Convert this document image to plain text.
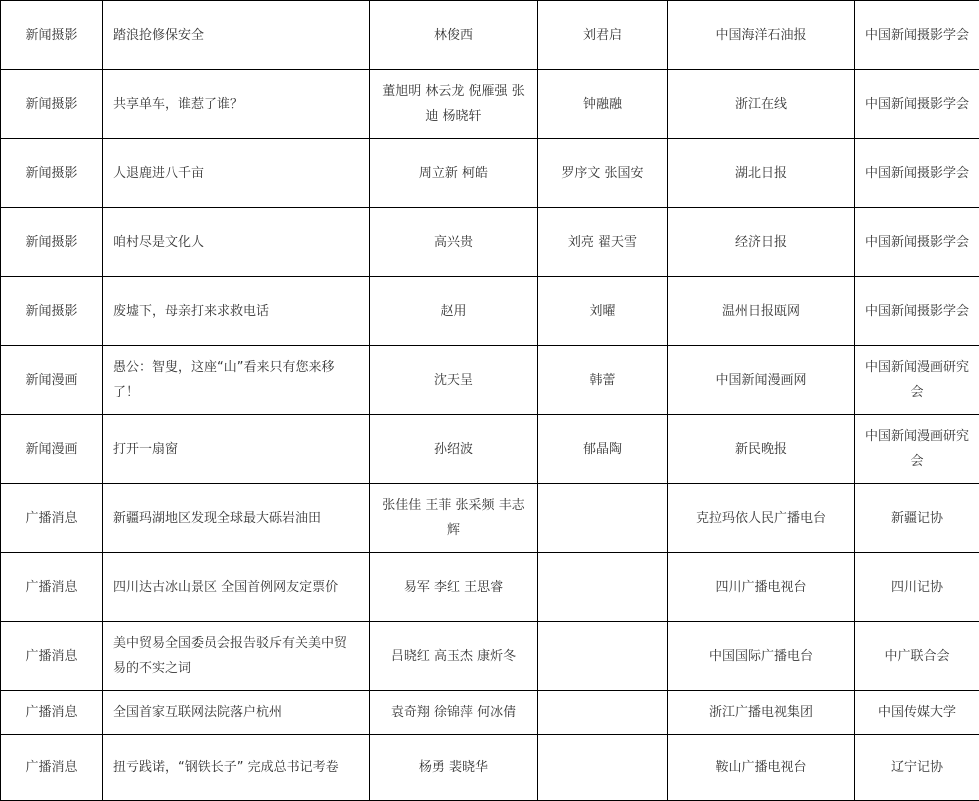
新闻摄影	踏浪抢修保安全	林俊西	刘君启	中国海洋石油报	中国新闻摄影学会
新闻摄影	共享单车，谁惹了谁？	董旭明 林云龙 倪雁强 张迪 杨晓轩	钟融融	浙江在线	中国新闻摄影学会
新闻摄影	人退鹿进八千亩	周立新 柯皓	罗序文 张国安	湖北日报	中国新闻摄影学会
新闻摄影	咱村尽是文化人	高兴贵	刘亮 翟天雪	经济日报	中国新闻摄影学会
新闻摄影	废墟下，母亲打来求救电话	赵用	刘曜	温州日报瓯网	中国新闻摄影学会
新闻漫画	愚公：智叟，这座“山”看来只有您来移了！	沈天呈	韩蕾	中国新闻漫画网	中国新闻漫画研究会
新闻漫画	打开一扇窗	孙绍波	郁晶陶	新民晚报	中国新闻漫画研究会
广播消息	新疆玛湖地区发现全球最大砾岩油田	张佳佳 王菲 张采频 丰志辉		克拉玛依人民广播电台	新疆记协
广播消息	四川达古冰山景区 全国首例网友定票价	易军 李红 王思睿		四川广播电视台	四川记协
广播消息	美中贸易全国委员会报告驳斥有关美中贸易的不实之词	吕晓红 高玉杰 康炘冬		中国国际广播电台	中广联合会
广播消息	全国首家互联网法院落户杭州	袁奇翔 徐锦萍 何冰倩		浙江广播电视集团	中国传媒大学
广播消息	扭亏践诺，“钢铁长子” 完成总书记考卷	杨勇 裴晓华		鞍山广播电视台	辽宁记协
